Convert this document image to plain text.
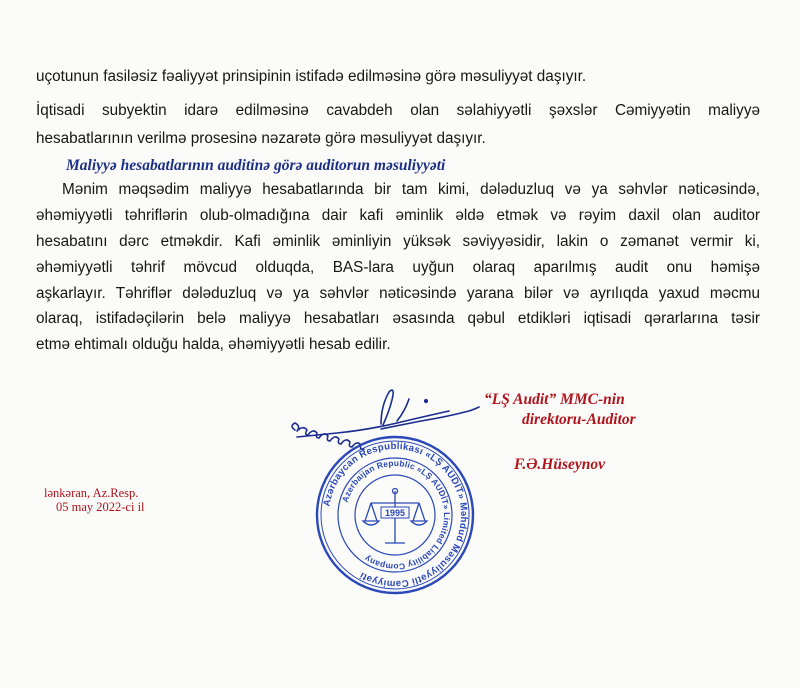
uçotunun fasiləsiz fəaliyyət prinsipinin istifadə edilməsinə görə məsuliyyət daşıyır.
İqtisadi subyektin idarə edilməsinə cavabdeh olan səlahiyyətli şəxslər Cəmiyyətin maliyyə
hesabatlarının verilmə prosesinə nəzarətə görə məsuliyyət daşıyır.
Maliyyə hesabatlarının auditinə görə auditorun məsuliyyəti
Mənim məqsədim maliyyə hesabatlarında bir tam kimi, dələduzluq və ya səhvlər nəticəsində,
əhəmiyyətli təhriflərin olub-olmadığına dair kafi əminlik əldə etmək və rəyim daxil olan auditor
hesabatını dərc etməkdir. Kafi əminlik əminliyin yüksək səviyyəsidir, lakin o zəmanət vermir ki,
əhəmiyyətli təhrif mövcud olduqda, BAS-lara uyğun olaraq aparılmış audit onu həmişə
aşkarlayır. Təhriflər dələduzluq və ya səhvlər nəticəsində yarana bilər və ayrılıqda yaxud məcmu
olaraq, istifadəçilərin belə maliyyə hesabatları əsasında qəbul etdikləri iqtisadi qərarlarına təsir
etmə ehtimalı olduğu halda, əhəmiyyətli hesab edilir.
“LŞ Audit” MMC-nin
direktoru-Auditor
F.Ə.Hüseynov
lənkəran, Az.Resp.
05 may 2022-ci il	Azərbaycan Respublikası «LŞ AUDİT» Məhdud Məsuliyyətli Cəmiyyəti
Azerbaijan Republic «LŞ AUDİT» Limited Liability Company
1995
